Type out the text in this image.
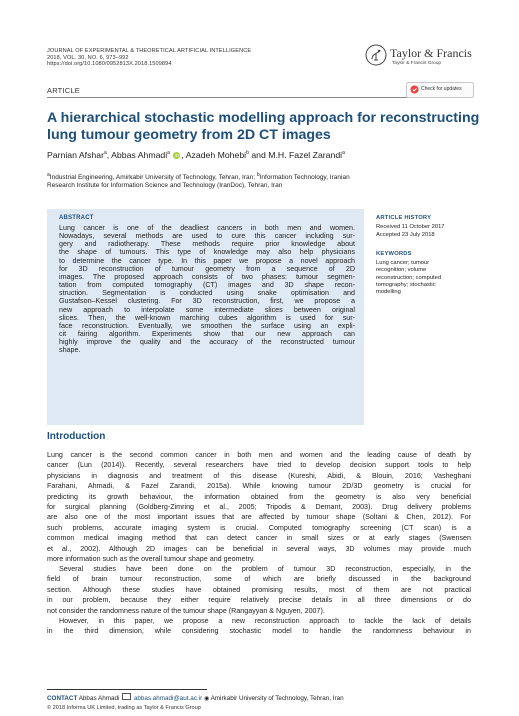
JOURNAL OF EXPERIMENTAL & THEORETICAL ARTIFICIAL INTELLIGENCE
2018, VOL. 30, NO. 6, 973–992
https://doi.org/10.1080/0952813X.2018.1509894
Taylor & Francis
Taylor & Francis Group
ARTICLE	Check for updates
A hierarchical stochastic modelling approach for reconstructing
lung tumour geometry from 2D CT images
Parnian Afshar$^a$, Abbas Ahmadi$^a$ iD , Azadeh Mohebi$^b$ and M.H. Fazel Zarandi$^a$
$^a$Industrial Engineering, Amirkabir University of Technology, Tehran, Iran; $^b$Information Technology, Iranian
Research Institute for Information Science and Technology (IranDoc), Tehran, Iran
ABSTRACT
Lung cancer is one of the deadliest cancers in both men and women.
Nowadays, several methods are used to cure this cancer including sur-
gery and radiotherapy. These methods require prior knowledge about
the shape of tumours. This type of knowledge may also help physicians
to determine the cancer type. In this paper we propose a novel approach
for 3D reconstruction of tumour geometry from a sequence of 2D
images. The proposed approach consists of two phases: tumour segmen-
tation from computed tomography (CT) images and 3D shape recon-
struction. Segmentation is conducted using snake optimisation and
Gustafson–Kessel clustering. For 3D reconstruction, first, we propose a
new approach to interpolate some intermediate slices between original
slices. Then, the well-known marching cubes algorithm is used for sur-
face reconstruction. Eventually, we smoothen the surface using an expli-
cit fairing algorithm. Experiments show that our new approach can
highly improve the quality and the accuracy of the reconstructed tumour
shape.
ARTICLE HISTORY
Received 11 October 2017
Accepted 23 July 2018
KEYWORDS
Lung cancer; tumour
recognition; volume
reconstruction; computed
tomography; stochastic
modelling
Introduction
Lung cancer is the second common cancer in both men and women and the leading cause of death by
cancer (Lun (2014)). Recently, several researchers have tried to develop decision support tools to help
physicians in diagnosis and treatment of this disease (Kureshi, Abidi, & Blouin, 2016; Vasheghani
Farahani, Ahmadi, & Fazel Zarandi, 2015a). While knowing tumour 2D/3D geometry is crucial for
predicting its growth behaviour, the information obtained from the geometry is also very beneficial
for surgical planning (Goldberg-Zimring et al., 2005; Tripodis & Demant, 2003). Drug delivery problems
are also one of the most important issues that are affected by tumour shape (Soltani & Chen, 2012). For
such problems, accurate imaging system is crucial. Computed tomography screening (CT scan) is a
common medical imaging method that can detect cancer in small sizes or at early stages (Swensen
et al., 2002). Although 2D images can be beneficial in several ways, 3D volumes may provide much
more information such as the overall tumour shape and geometry.
Several studies have been done on the problem of tumour 3D reconstruction, especially, in the
field of brain tumour reconstruction, some of which are briefly discussed in the background
section. Although these studies have obtained promising results, most of them are not practical
in our problem, because they either require relatively precise details in all three dimensions or do
not consider the randomness nature of the tumour shape (Rangayyan & Nguyen, 2007).
However, in this paper, we propose a new reconstruction approach to tackle the lack of details
in the third dimension, while considering stochastic model to handle the randomness behaviour in
CONTACT Abbas Ahmadi abbas.ahmadi@aut.ac.ir ◉ Amirkabir University of Technology, Tehran, Iran
© 2018 Informa UK Limited, trading as Taylor & Francis Group
